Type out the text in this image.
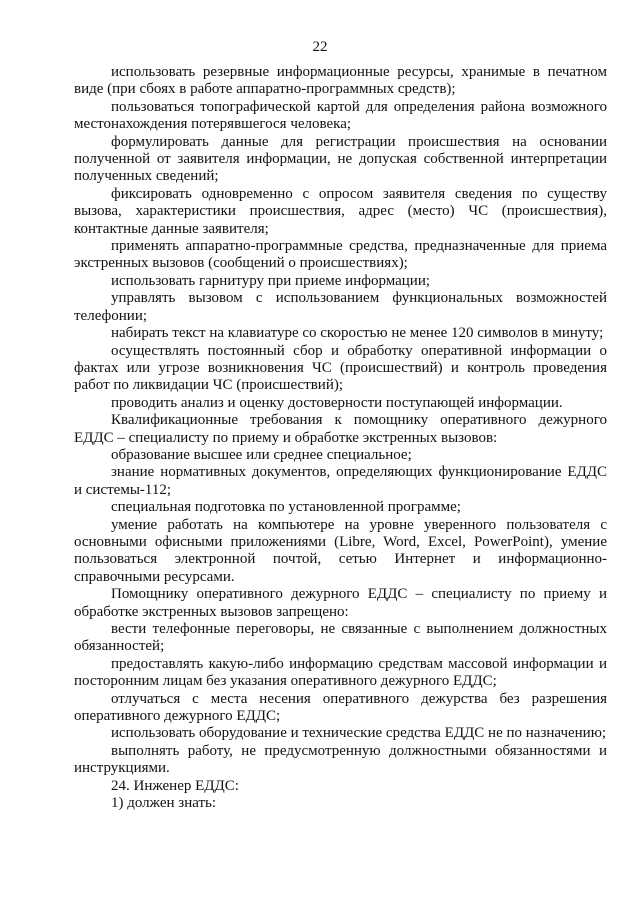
22

использовать резервные информационные ресурсы, хранимые в печатном виде (при сбоях в работе аппаратно-программных средств);

пользоваться топографической картой для определения района возможного местонахождения потерявшегося человека;

формулировать данные для регистрации происшествия на основании полученной от заявителя информации, не допуская собственной интерпретации полученных сведений;

фиксировать одновременно с опросом заявителя сведения по существу вызова, характеристики происшествия, адрес (место) ЧС (происшествия), контактные данные заявителя;

применять аппаратно-программные средства, предназначенные для приема экстренных вызовов (сообщений о происшествиях);

использовать гарнитуру при приеме информации;

управлять вызовом с использованием функциональных возможностей телефонии;

набирать текст на клавиатуре со скоростью не менее 120 символов в минуту;

осуществлять постоянный сбор и обработку оперативной информации о фактах или угрозе возникновения ЧС (происшествий) и контроль проведения работ по ликвидации ЧС (происшествий);

проводить анализ и оценку достоверности поступающей информации.

Квалификационные требования к помощнику оперативного дежурного ЕДДС – специалисту по приему и обработке экстренных вызовов:

образование высшее или среднее специальное;

знание нормативных документов, определяющих функционирование ЕДДС и системы-112;

специальная подготовка по установленной программе;

умение работать на компьютере на уровне уверенного пользователя с основными офисными приложениями (Libre, Word, Excel, PowerPoint), умение пользоваться электронной почтой, сетью Интернет и информационно-справочными ресурсами.

Помощнику оперативного дежурного ЕДДС – специалисту по приему и обработке экстренных вызовов запрещено:

вести телефонные переговоры, не связанные с выполнением должностных обязанностей;

предоставлять какую-либо информацию средствам массовой информации и посторонним лицам без указания оперативного дежурного ЕДДС;

отлучаться с места несения оперативного дежурства без разрешения оперативного дежурного ЕДДС;

использовать оборудование и технические средства ЕДДС не по назначению;

выполнять работу, не предусмотренную должностными обязанностями и инструкциями.

24. Инженер ЕДДС:

1) должен знать:
